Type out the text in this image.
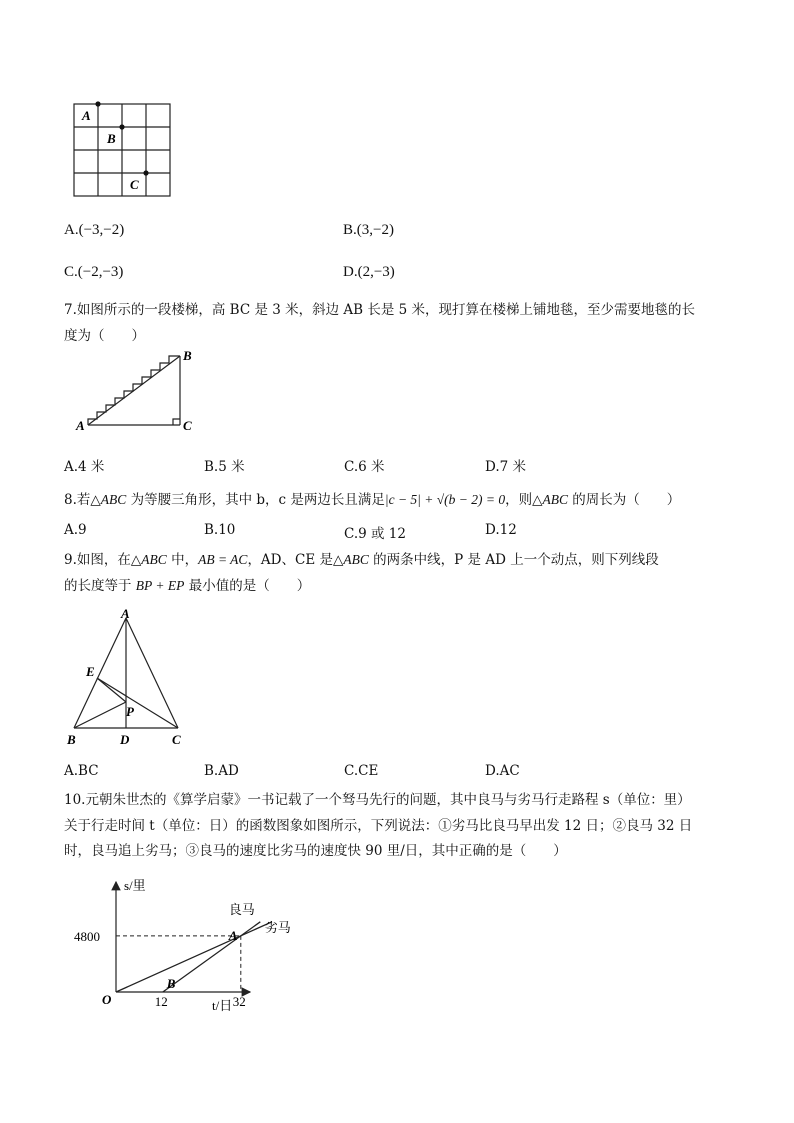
A
B
C
A.(−3,−2)	B.(3,−2)
C.(−2,−3)	D.(2,−3)
7.如图所示的一段楼梯，高 BC 是 3 米，斜边 AB 长是 5 米，现打算在楼梯上铺地毯，至少需要地毯的长
度为（　　）
A
B
C
A.4 米	B.5 米	C.6 米	D.7 米
8.若△ABC 为等腰三角形，其中 b，c 是两边长且满足|c − 5| + √(b − 2) = 0，则△ABC 的周长为（　　）
A.9	B.10	C.9 或 12	D.12
9.如图，在△ABC 中，AB = AC，AD、CE 是△ABC 的两条中线，P 是 AD 上一个动点，则下列线段
的长度等于 BP + EP 最小值的是（　　）
A
E
P
B	D	C
A.BC	B.AD	C.CE	D.AC
10.元朝朱世杰的《算学启蒙》一书记载了一个驽马先行的问题，其中良马与劣马行走路程 s（单位：里）
关于行走时间 t（单位：日）的函数图象如图所示，下列说法：①劣马比良马早出发 12 日；②良马 32 日
时，良马追上劣马；③良马的速度比劣马的速度快 90 里/日，其中正确的是（　　）
良马
劣马
A
B
12	32
4800
s/里
t/日
O
